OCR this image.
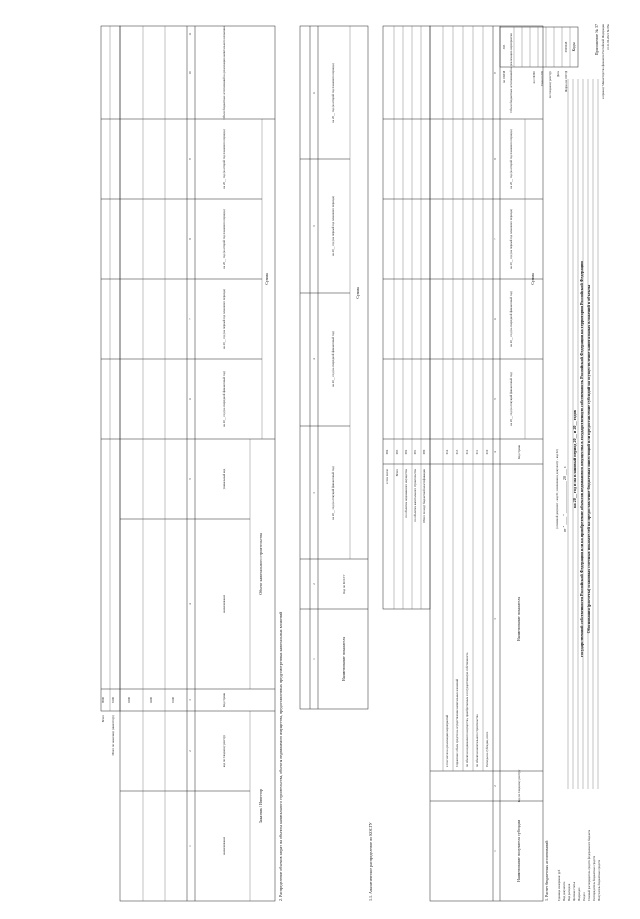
Приложение № 37 к приказу Министерства финансов Российской Федерации от 21.06.2021 № 85н
Обоснования (расчеты) плановых сметных показателей на предоставление бюджетных инвестиций или предоставление субсидий на осуществление капитальных вложений в объекты
государственной собственности Российской Федерации или на приобретение объектов недвижимого имущества в государственную собственность Российской Федерации на территории Российской Федерации
на 20__ год и на плановый период 20__ и 20__ годов
от " ____ " ________________ 20 ___ г.
Коды
0505048
Форма по ОКУД
Дата
по Сводному реестру
Глава по БК
по ОКПО
по ОКЕИ
383
Получатель бюджетных средств
Распорядитель бюджетных средств
Главный распорядитель средств федерального бюджета
Раздел
Подраздел
Целевая статья
Вид расходов
Вид документа
Единица измерения: руб
(основной документ - код 01; изменения к документу - код 02)
1. Расчет бюджетных ассигнований
Наименование получателя субсидии
Код по Сводному реестру
Наименование показателя
Код строки
Сумма
на 20__ год (на текущий финансовый год)
на 20__ год (на очередной финансовый год)
на 20__ год (на первый год планового периода)
на 20__ год (на второй год планового периода)
Объем бюджетных ассигнований на реализацию мероприятия
1
2
3
4
5
6
7
8
9
Расходы на субсидии, всего
010
по объектам капитального строительства
011
по объектам недвижимого имущества, приобретаемым в государственную собственность
012
Справочно: объем средств на осуществление капитальных вложений
013
в том числе на реализацию мероприятий
014
Итого по коду бюджетной классификации
090
по объектам капитального строительства
091
по объектам недвижимого имущества
092
Всего
093
в том числе
094
1.1. Аналитическое распределение по КОСГУ
Наименование показателя
Код по КОСГУ
Сумма
на 20__ год (на текущий финансовый год)
на 20__ год (на очередной финансовый год)
на 20__ год (на первый год планового периода)
на 20__ год (на второй год планового периода)
1
2
3
4
5
6
2. Распределение объемов затрат на объекты капитального строительства, объекты недвижимого имущества, предоставленных предусмотренных капитальных вложений
Заказчик / Инвестор
наименование
код по Сводному реестру
Код строки
Объект капитального строительства
наименование
уникальный код
Сумма
на 20__ год (на очередной финансовый год)
на 20__ год (на первый год планового периода)
на 20__ год (на второй год планового периода)
на 20__ год (на второй год планового периода)
Объем бюджетных ассигнований на реализацию капитального вложения
1
2
3
4
5
6
7
8
9
10
11
0100
0200
0300
Итого по заказчику (инвестору)
8100
Всего
9000
